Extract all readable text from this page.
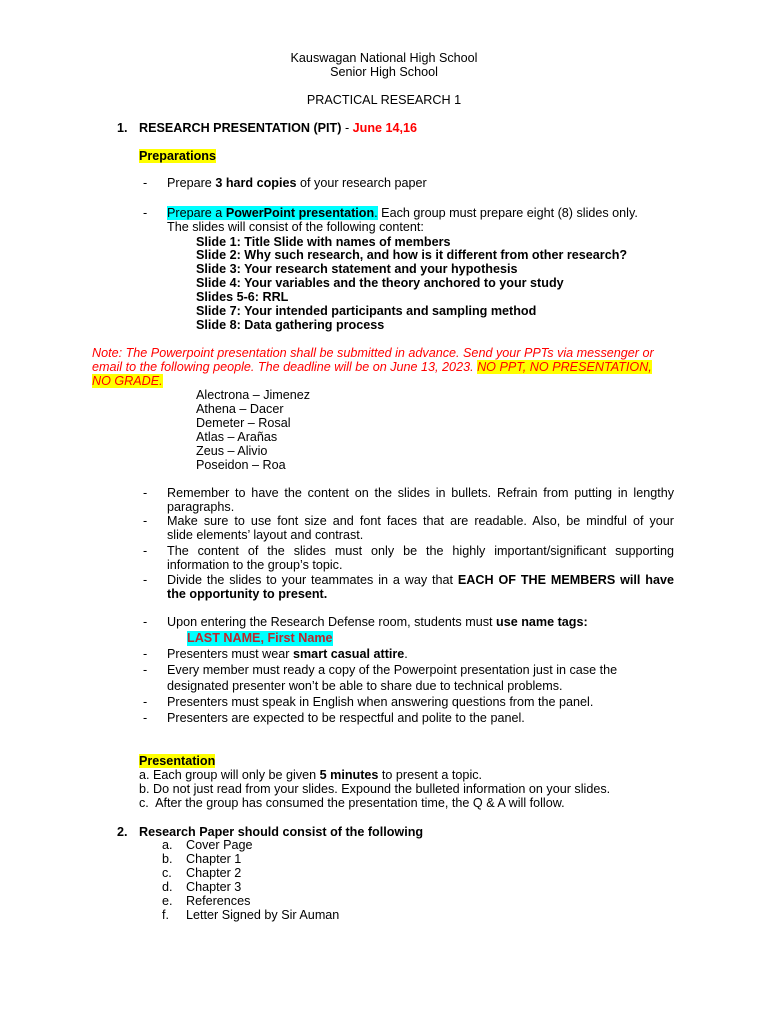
Kauswagan National High School
Senior High School
PRACTICAL RESEARCH 1
1. RESEARCH PRESENTATION (PIT) - June 14,16
Preparations
- Prepare 3 hard copies of your research paper
- Prepare a PowerPoint presentation. Each group must prepare eight (8) slides only.
The slides will consist of the following content:
Slide 1: Title Slide with names of members
Slide 2: Why such research, and how is it different from other research?
Slide 3: Your research statement and your hypothesis
Slide 4: Your variables and the theory anchored to your study
Slides 5-6: RRL
Slide 7: Your intended participants and sampling method
Slide 8: Data gathering process
Note: The Powerpoint presentation shall be submitted in advance. Send your PPTs via messenger or
email to the following people. The deadline will be on June 13, 2023. NO PPT, NO PRESENTATION,
NO GRADE.
Alectrona – Jimenez
Athena – Dacer
Demeter – Rosal
Atlas – Arañas
Zeus – Alivio
Poseidon – Roa
- Remember to have the content on the slides in bullets. Refrain from putting in lengthy
paragraphs.
- Make sure to use font size and font faces that are readable. Also, be mindful of your
slide elements’ layout and contrast.
- The content of the slides must only be the highly important/significant supporting
information to the group’s topic.
- Divide the slides to your teammates in a way that EACH OF THE MEMBERS will have
the opportunity to present.
- Upon entering the Research Defense room, students must use name tags:
LAST NAME, First Name
- Presenters must wear smart casual attire.
- Every member must ready a copy of the Powerpoint presentation just in case the
designated presenter won’t be able to share due to technical problems.
- Presenters must speak in English when answering questions from the panel.
- Presenters are expected to be respectful and polite to the panel.
Presentation
a. Each group will only be given 5 minutes to present a topic.
b. Do not just read from your slides. Expound the bulleted information on your slides.
c.  After the group has consumed the presentation time, the Q & A will follow.
2. Research Paper should consist of the following
a. Cover Page
b. Chapter 1
c. Chapter 2
d. Chapter 3
e. References
f. Letter Signed by Sir Auman
